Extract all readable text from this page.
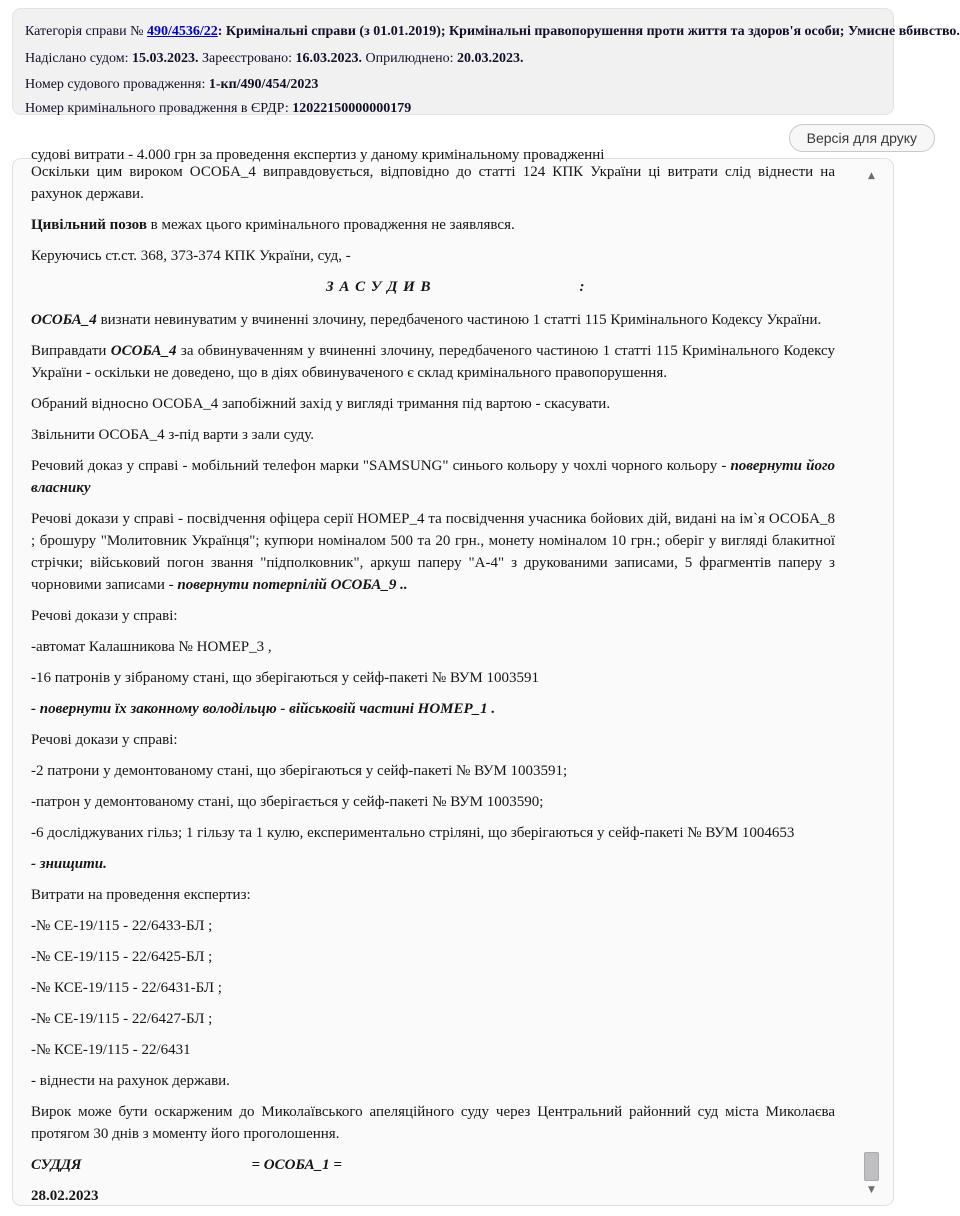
Категорія справи № 490/4536/22: Кримінальні справи (з 01.01.2019); Кримінальні правопорушення проти життя та здоров'я особи; Умисне вбивство.
Надіслано судом: 15.03.2023. Зареєстровано: 16.03.2023. Оприлюднено: 20.03.2023.
Номер судового провадження: 1-кп/490/454/2023
Номер кримінального провадження в ЄРДР: 12022150000000179
Версія для друку
судові витрати - 4.000 грн за проведення експертиз у даному кримінальному провадженні
Оскільки цим вироком ОСОБА_4 виправдовується, відповідно до статті 124 КПК України ці витрати слід віднести на рахунок держави.
Цивільний позов в межах цього кримінального провадження не заявлявся.
Керуючись ст.ст. 368, 373-374 КПК України, суд, -
З А С У Д И В	:
ОСОБА_4 визнати невинуватим у вчиненні злочину, передбаченого частиною 1 статті 115 Кримінального Кодексу України.
Виправдати ОСОБА_4 за обвинуваченням у вчиненні злочину, передбаченого частиною 1 статті 115 Кримінального Кодексу України - оскільки не доведено, що в діях обвинуваченого є склад кримінального правопорушення.
Обраний відносно ОСОБА_4 запобіжний захід у вигляді тримання під вартою - скасувати.
Звільнити ОСОБА_4 з-під варти з зали суду.
Речовий доказ у справі - мобільний телефон марки "SAMSUNG" синього кольору у чохлі чорного кольору - повернути його власнику
Речові докази у справі - посвідчення офіцера серії НОМЕР_4 та посвідчення учасника бойових дій, видані на ім`я ОСОБА_8 ; брошуру "Молитовник Українця"; купюри номіналом 500 та 20 грн., монету номіналом 10 грн.; оберіг у вигляді блакитної стрічки; військовий погон звання "підполковник", аркуш паперу "А-4" з друкованими записами, 5 фрагментів паперу з чорновими записами - повернути потерпілій ОСОБА_9 ..
Речові докази у справі:
-автомат Калашникова № НОМЕР_3 ,
-16 патронів у зібраному стані, що зберігаються у сейф-пакеті № ВУМ 1003591
- повернути їх законному володільцю - військовій частині НОМЕР_1 .
Речові докази у справі:
-2 патрони у демонтованому стані, що зберігаються у сейф-пакеті № ВУМ 1003591;
-патрон у демонтованому стані, що зберігається у сейф-пакеті № ВУМ 1003590;
-6 досліджуваних гільз; 1 гільзу та 1 кулю, експериментально стріляні, що зберігаються у сейф-пакеті № ВУМ 1004653
- знищити.
Витрати на проведення експертиз:
-№ СЕ-19/115 - 22/6433-БЛ ;
-№ СЕ-19/115 - 22/6425-БЛ ;
-№ КСЕ-19/115 - 22/6431-БЛ ;
-№ СЕ-19/115 - 22/6427-БЛ ;
-№ КСЕ-19/115 - 22/6431
- віднести на рахунок держави.
Вирок може бути оскарженим до Миколаївського апеляційного суду через Центральний районний суд міста Миколаєва протягом 30 днів з моменту його проголошення.
СУДДЯ	= ОСОБА_1 =
28.02.2023
▲
▼
